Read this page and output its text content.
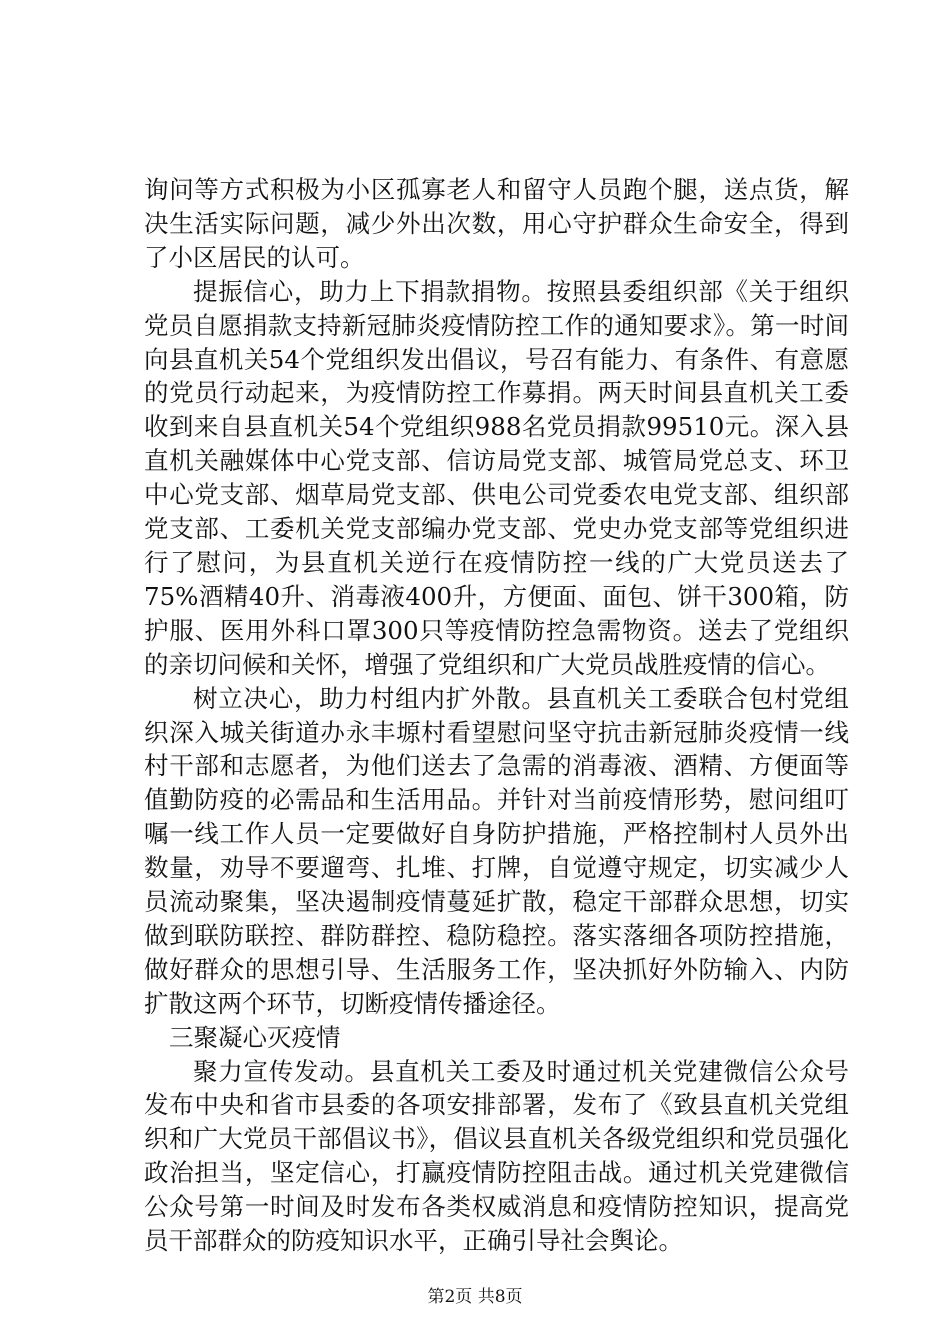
询问等方式积极为小区孤寡老人和留守人员跑个腿，送点货，解决生活实际问题，减少外出次数，用心守护群众生命安全，得到了小区居民的认可。

提振信心，助力上下捐款捐物。按照县委组织部《关于组织党员自愿捐款支持新冠肺炎疫情防控工作的通知要求》。第一时间向县直机关54个党组织发出倡议，号召有能力、有条件、有意愿的党员行动起来，为疫情防控工作募捐。两天时间县直机关工委收到来自县直机关54个党组织988名党员捐款99510元。深入县直机关融媒体中心党支部、信访局党支部、城管局党总支、环卫中心党支部、烟草局党支部、供电公司党委农电党支部、组织部党支部、工委机关党支部编办党支部、党史办党支部等党组织进行了慰问，为县直机关逆行在疫情防控一线的广大党员送去了75%酒精40升、消毒液400升，方便面、面包、饼干300箱，防护服、医用外科口罩300只等疫情防控急需物资。送去了党组织的亲切问候和关怀，增强了党组织和广大党员战胜疫情的信心。

树立决心，助力村组内扩外散。县直机关工委联合包村党组织深入城关街道办永丰塬村看望慰问坚守抗击新冠肺炎疫情一线村干部和志愿者，为他们送去了急需的消毒液、酒精、方便面等值勤防疫的必需品和生活用品。并针对当前疫情形势，慰问组叮嘱一线工作人员一定要做好自身防护措施，严格控制村人员外出数量，劝导不要遛弯、扎堆、打牌，自觉遵守规定，切实减少人员流动聚集，坚决遏制疫情蔓延扩散，稳定干部群众思想，切实做到联防联控、群防群控、稳防稳控。落实落细各项防控措施，做好群众的思想引导、生活服务工作，坚决抓好外防输入、内防扩散这两个环节，切断疫情传播途径。

三聚凝心灭疫情

聚力宣传发动。县直机关工委及时通过机关党建微信公众号发布中央和省市县委的各项安排部署，发布了《致县直机关党组织和广大党员干部倡议书》，倡议县直机关各级党组织和党员强化政治担当，坚定信心，打赢疫情防控阻击战。通过机关党建微信公众号第一时间及时发布各类权威消息和疫情防控知识，提高党员干部群众的防疫知识水平，正确引导社会舆论。

第2页 共8页
